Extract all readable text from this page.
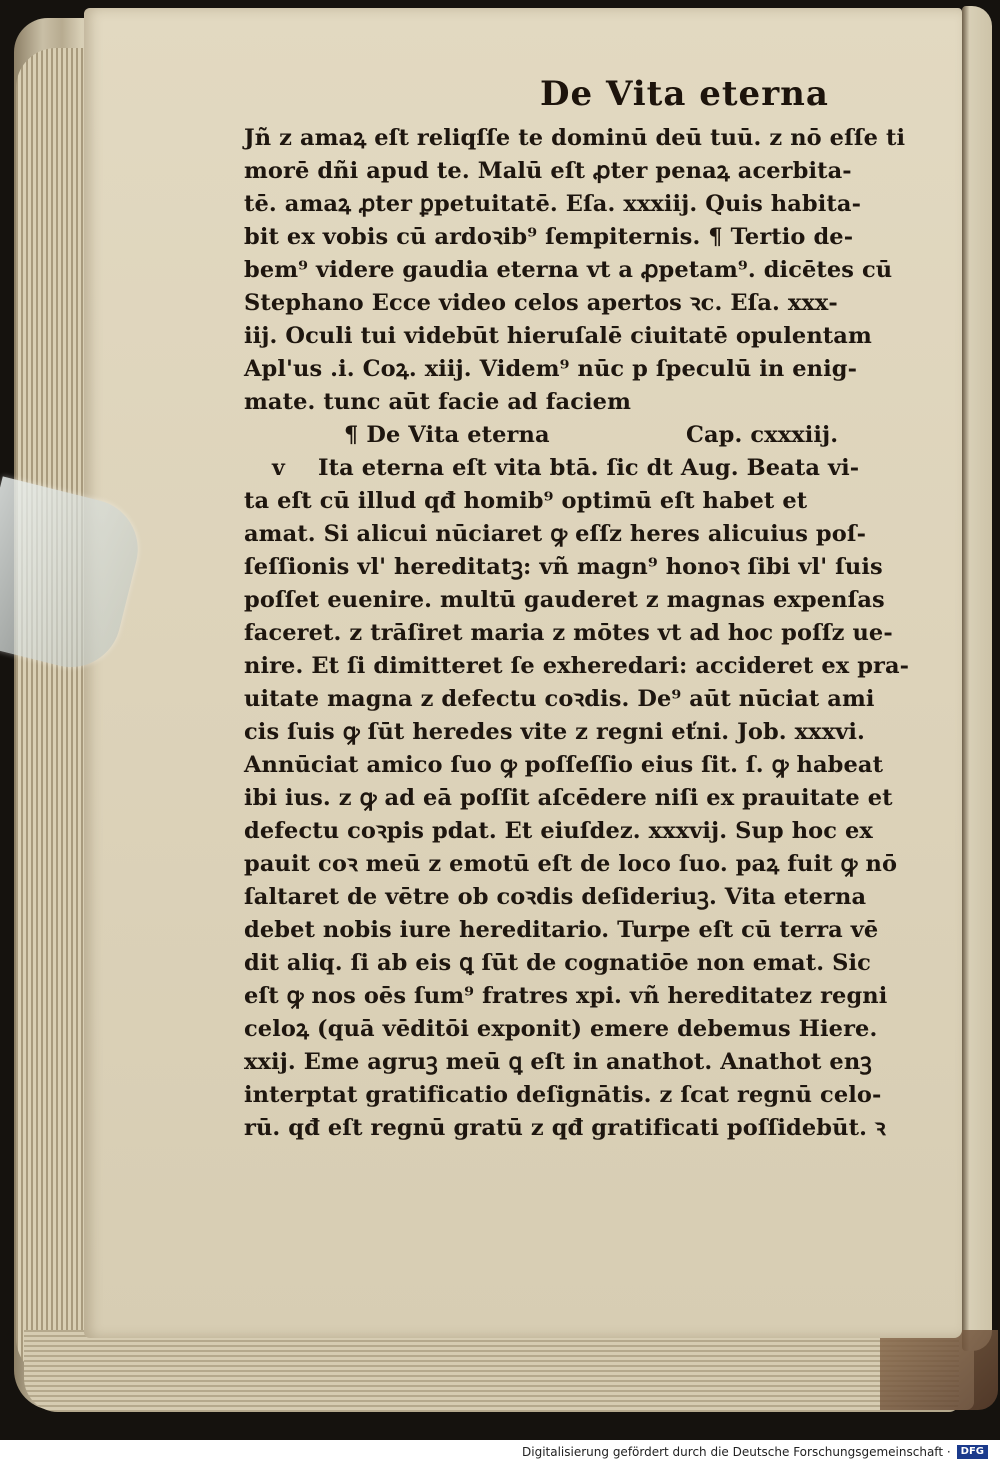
De Vita eterna
Jñ z amaꝝ eſt reliqſſe te dominū deū tuū. z nō eſſe ti
morē dñi apud te. Malū eſt ꝓter penaꝝ acerbita‑
tē. amaꝝ ꝓter ꝑpetuitatē. Eſa. xxxiij. Quis habita‑
bit ex vobis cū ardoꝛib⁹ ſempiternis. ¶ Tertio de‑
bem⁹ videre gaudia eterna vt a ꝓpetam⁹. dicētes cū
Stephano Ecce video celos apertos ꝛc. Eſa. xxx‑
iij. Oculi tui videbūt hieruſalē ciuitatē opulentam
Apl'us .i. Coꝝ. xiij. Videm⁹ nūc p ſpeculū in enig‑
mate. tunc aūt facie ad faciem
¶ De Vita eterna	Cap. cxxxiij.
v Ita eterna eſt vita btā. ſic dt Aug. Beata vi‑
ta eſt cū illud qđ homib⁹ optimū eſt habet et
amat. Si alicui nūciaret ꝙ eſſz heres alicuius poſ‑
ſeſſionis vl' hereditatꝫ: vñ magn⁹ honoꝛ ſibi vl' ſuis
poſſet euenire. multū gauderet z magnas expenſas
faceret. z trāſiret maria z mōtes vt ad hoc poſſz ue‑
nire. Et ſi dimitteret ſe exheredari: accideret ex pra‑
uitate magna z defectu coꝛdis. De⁹ aūt nūciat ami
cis ſuis ꝙ ſūt heredes vite z regni eťni. Job. xxxvi.
Annūciat amico ſuo ꝙ poſſeſſio eius ſit. ſ. ꝙ habeat
ibi ius. z ꝙ ad eā poſſit aſcēdere niſi ex prauitate et
defectu coꝛpis pdat. Et eiuſdez. xxxvij. Sup hoc ex
pauit coꝛ meū z emotū eſt de loco ſuo. paꝝ fuit ꝙ nō
ſaltaret de vētre ob coꝛdis deſideriuꝫ. Vita eterna
debet nobis iure hereditario. Turpe eſt cū terra vē
dit aliq. ſi ab eis ꝗ ſūt de cognatiōe non emat. Sic
eſt ꝙ nos oēs ſum⁹ fratres xpi. vñ hereditatez regni
celoꝝ (quā vēditōi exponit) emere debemus Hiere.
xxij. Eme agruꝫ meū ꝗ eſt in anathot. Anathot enꝫ
interptat gratificatio deſignātis. z ſcat regnū celo‑
rū. qđ eſt regnū gratū z qđ gratificati poſſidebūt. ꝛ
Digitalisierung gefördert durch die Deutsche Forschungsgemeinschaft ·	DFG
